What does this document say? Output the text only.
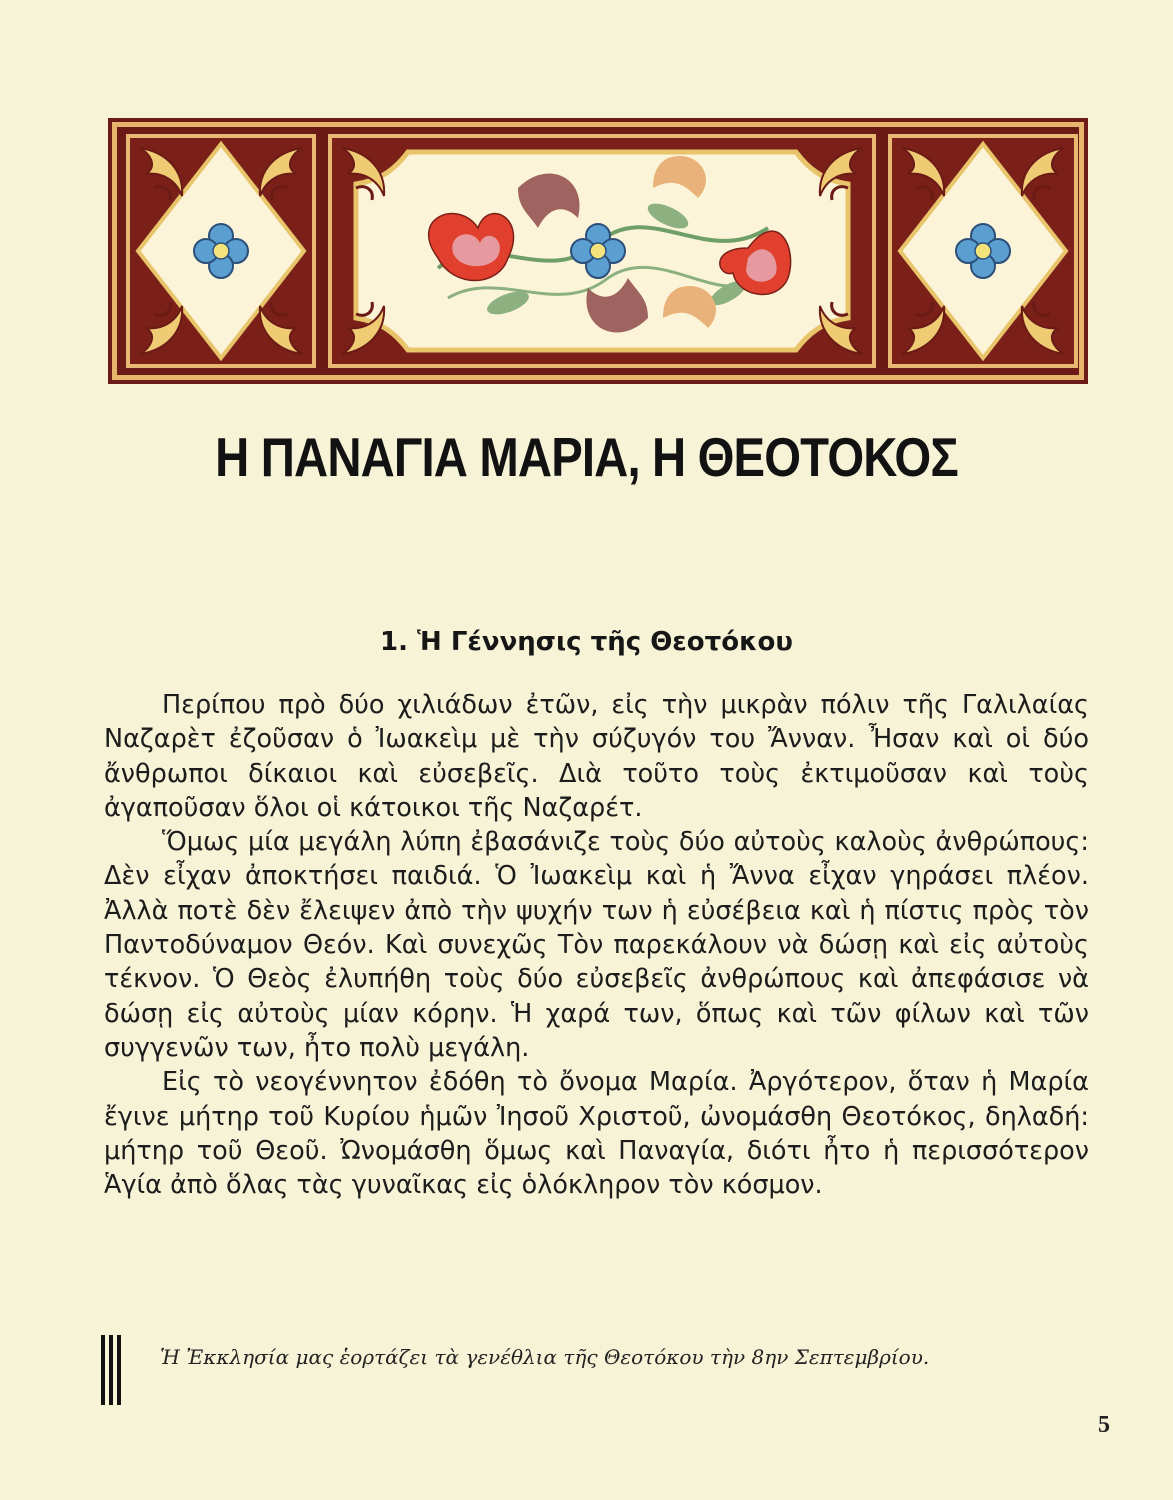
Η ΠΑΝΑΓΙΑ ΜΑΡΙΑ, Η ΘΕΟΤΟΚΟΣ
1. Ἡ Γέννησις τῆς Θεοτόκου

Περίπου πρὸ δύο χιλιάδων ἐτῶν, εἰς τὴν μικρὰν πόλιν τῆς Γαλιλαίας Ναζαρὲτ ἐζοῦσαν ὁ Ἰωακεὶμ μὲ τὴν σύζυγόν του Ἄνναν. Ἦσαν καὶ οἱ δύο ἄνθρωποι δίκαιοι καὶ εὐσεβεῖς. Διὰ τοῦτο τοὺς ἐκτιμοῦσαν καὶ τοὺς ἀγαποῦσαν ὅλοι οἱ κάτοικοι τῆς Ναζαρέτ.

Ὅμως μία μεγάλη λύπη ἐβασάνιζε τοὺς δύο αὐτοὺς καλοὺς ἀνθρώπους: Δὲν εἶχαν ἀποκτήσει παιδιά. Ὁ Ἰωακεὶμ καὶ ἡ Ἄννα εἶχαν γηράσει πλέον. Ἀλλὰ ποτὲ δὲν ἔλειψεν ἀπὸ τὴν ψυχήν των ἡ εὐσέβεια καὶ ἡ πίστις πρὸς τὸν Παντοδύναμον Θεόν. Καὶ συνεχῶς Τὸν παρεκάλουν νὰ δώσῃ καὶ εἰς αὐτοὺς τέκνον. Ὁ Θεὸς ἐλυπήθη τοὺς δύο εὐσεβεῖς ἀνθρώπους καὶ ἀπεφάσισε νὰ δώσῃ εἰς αὐτοὺς μίαν κόρην. Ἡ χαρά των, ὅπως καὶ τῶν φίλων καὶ τῶν συγγενῶν των, ἦτο πολὺ μεγάλη.

Εἰς τὸ νεογέννητον ἐδόθη τὸ ὄνομα Μαρία. Ἀργότερον, ὅταν ἡ Μαρία ἔγινε μήτηρ τοῦ Κυρίου ἡμῶν Ἰησοῦ Χριστοῦ, ὠνομάσθη Θεοτόκος, δηλαδή: μήτηρ τοῦ Θεοῦ. Ὠνομάσθη ὅμως καὶ Παναγία, διότι ἦτο ἡ περισσότερον Ἁγία ἀπὸ ὅλας τὰς γυναῖκας εἰς ὁλόκληρον τὸν κόσμον.

Ἡ Ἐκκλησία μας ἑορτάζει τὰ γενέθλια τῆς Θεοτόκου τὴν 8ην Σεπτεμβρίου.
5
